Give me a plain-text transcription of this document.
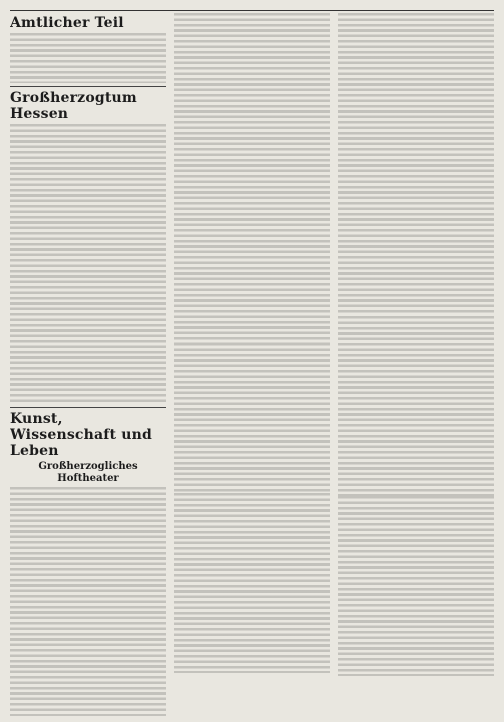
Amtlicher Teil
Großherzogtum Hessen
Kunst, Wissenschaft und Leben
Großherzogliches Hoftheater
